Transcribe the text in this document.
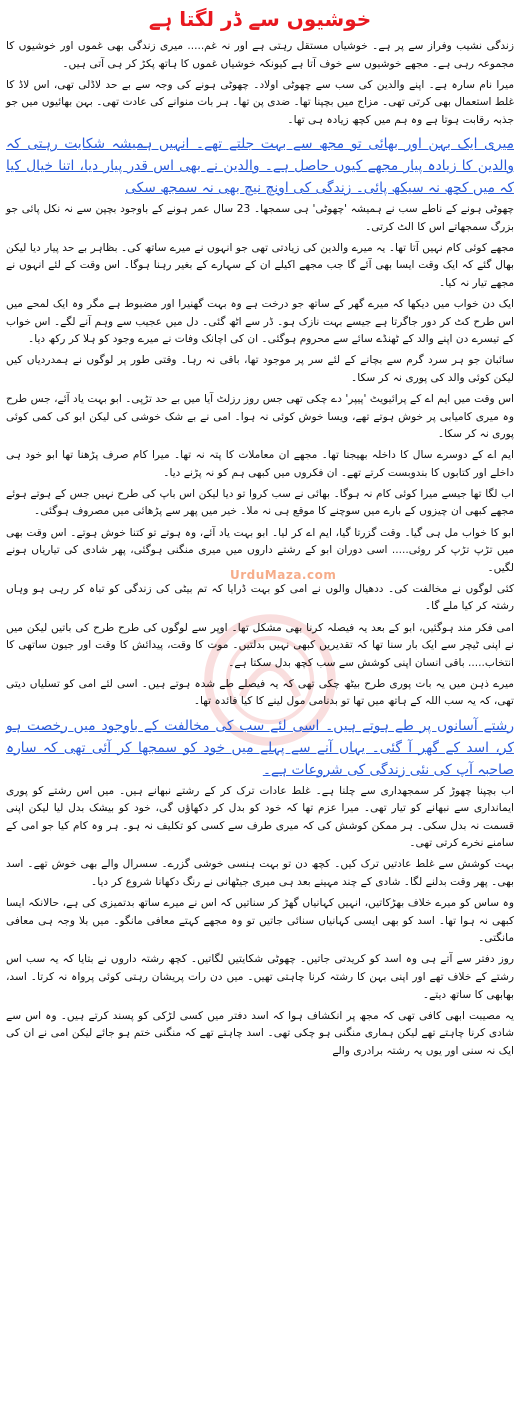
خوشیوں سے ڈر لگتا ہے
UrduMaza.com

زندگی نشیب وفراز سے پر ہے۔ خوشیاں مستقل رہتی ہے اور نہ غم..... میری زندگی بھی غموں اور خوشیوں کا مجموعہ رہی ہے۔ مجھے خوشیوں سے خوف آتا ہے کیونکہ خوشیاں غموں کا ہاتھ پکڑ کر ہی آتی ہیں۔

میرا نام سارہ ہے۔ اپنے والدین کی سب سے چھوٹی اولاد۔ چھوٹی ہونے کی وجہ سے بے حد لاڈلی تھی، اس لاڈ کا غلط استعمال بھی کرتی تھی۔ مزاج میں بچپنا تھا۔ ضدی پن تھا۔ ہر بات منوانے کی عادت تھی۔ بہن بھائیوں میں جو جذبہ رقابت ہوتا ہے وہ ہم میں کچھ زیادہ ہی تھا۔

میری ایک بہن اور بھائی تو مجھ سے بہت جلتے تھے۔ انہیں ہمیشہ شکایت رہتی کہ والدین کا زیادہ پیار مجھے کیوں حاصل ہے۔ والدین نے بھی اس قدر پیار دیا، اتنا خیال کیا کہ میں کچھ نہ سیکھ پائی۔ زندگی کی اونچ نیچ بھی نہ سمجھ سکی

چھوٹی ہونے کے ناطے سب نے ہمیشہ 'چھوٹی' ہی سمجھا۔ 23 سال عمر ہونے کے باوجود بچپن سے نہ نکل پائی جو بزرگ سمجھاتے اس کا الٹ کرتی۔

مجھے کوئی کام نہیں آتا تھا۔ یہ میرے والدین کی زیادتی تھی جو انہوں نے میرے ساتھ کی۔ بظاہر بے حد پیار دیا لیکن بھال گئے کہ ایک وقت ایسا بھی آئے گا جب مجھے اکیلے ان کے سہارے کے بغیر رہنا ہوگا۔ اس وقت کے لئے انہوں نے مجھے تیار نہ کیا۔

ایک دن خواب میں دیکھا کہ میرے گھر کے ساتھ جو درخت ہے وہ بہت گھنیرا اور مضبوط ہے مگر وہ ایک لمحے میں اس طرح کٹ کر دور جاگرتا ہے جیسے بہت نازک ہو۔ ڈر سے اٹھ گئی۔ دل میں عجیب سے وہم آنے لگے۔ اس خواب کے تیسرے دن اپنے والد کے ٹھنڈے سائے سے محروم ہوگئی۔ ان کی اچانک وفات نے میرے وجود کو ہلا کر رکھ دیا۔

سائبان جو ہر سرد گرم سے بچانے کے لئے سر پر موجود تھا، باقی نہ رہا۔ وقتی طور پر لوگوں نے ہمدردیاں کیں لیکن کوئی والد کی پوری نہ کر سکا۔

اس وقت میں ایم اے کے پرائیویٹ 'پیپر' دے چکی تھی جس روز رزلٹ آیا میں بے حد تڑپی۔ ابو بہت یاد آئے، جس طرح وہ میری کامیابی پر خوش ہوتے تھے، ویسا خوش کوئی نہ ہوا۔ امی نے بے شک خوشی کی لیکن ابو کی کمی کوئی پوری نہ کر سکا۔

ایم اے کے دوسرے سال کا داخلہ بھیجنا تھا۔ مجھے ان معاملات کا پتہ نہ تھا۔ میرا کام صرف پڑھنا تھا ابو خود ہی داخلے اور کتابوں کا بندوبست کرتے تھے۔ ان فکروں میں کبھی ہم کو نہ پڑنے دیا۔

اب لگا تھا جیسے میرا کوئی کام نہ ہوگا۔ بھائی نے سب کروا تو دیا لیکن اس باپ کی طرح نہیں جس کے ہوتے ہوئے مجھے کبھی ان چیزوں کے بارے میں سوچنے کا موقع ہی نہ ملا۔ خیر میں پھر سے پڑھائی میں مصروف ہوگئی۔

ابو کا خواب مل ہی گیا۔ وقت گزرتا گیا، ایم اے کر لیا۔ ابو بہت یاد آئے، وہ ہوتے تو کتنا خوش ہوتے۔ اس وقت بھی میں تڑپ تڑپ کر روئی..... اسی دوران ابو کے رشتے داروں میں میری منگنی ہوگئی، پھر شادی کی تیاریاں ہونے لگیں۔

کئی لوگوں نے مخالفت کی۔ ددھیال والوں نے امی کو بہت ڈرایا کہ تم بیٹی کی زندگی کو تباہ کر رہی ہو وہاں رشتہ کر کیا ملے گا۔

امی فکر مند ہوگئیں، ابو کے بعد یہ فیصلہ کرنا بھی مشکل تھا۔ اوپر سے لوگوں کی طرح طرح کی باتیں لیکن میں نے اپنی ٹیچر سے ایک بار سنا تھا کہ تقدیریں کبھی نہیں بدلتیں۔ موت کا وقت، پیدائش کا وقت اور جیون ساتھی کا انتخاب..... باقی انسان اپنی کوشش سے سب کچھ بدل سکتا ہے۔

میرے ذہن میں یہ بات پوری طرح بیٹھ چکی تھی کہ یہ فیصلے طے شدہ ہوتے ہیں۔ اسی لئے امی کو تسلیاں دیتی تھی، کہ یہ سب اللہ کے ہاتھ میں تھا تو بدنامی مول لینے کا کیا فائدہ تھا۔

رشتے آسانوں پر طے ہوتے ہیں۔ اسی لئے سب کی مخالفت کے باوجود میں رخصت ہو کر، اسد کے گھر آ گئی۔ یہاں آنے سے پہلے میں خود کو سمجھا کر آئی تھی کہ سارہ صاحبہ آپ کی نئی زندگی کی شروعات ہے۔

اب بچپنا چھوڑ کر سمجھداری سے چلنا ہے۔ غلط عادات ترک کر کے رشتے نبھانے ہیں۔ میں اس رشتے کو پوری ایمانداری سے نبھانے کو تیار تھی۔ میرا عزم تھا کہ خود کو بدل کر دکھاؤں گی، خود کو بیشک بدل لیا لیکن اپنی قسمت نہ بدل سکی۔ ہر ممکن کوشش کی کہ میری طرف سے کسی کو تکلیف نہ ہو۔ ہر وہ کام کیا جو امی کے سامنے نخرے کرتی تھی۔

بہت کوشش سے غلط عادتیں ترک کیں۔ کچھ دن تو بہت ہنسی خوشی گزرے۔ سسرال والے بھی خوش تھے۔ اسد بھی۔ پھر وقت بدلنے لگا۔ شادی کے چند مہینے بعد ہی میری جیٹھانی نے رنگ دکھانا شروع کر دیا۔

وہ ساس کو میرے خلاف بھڑکاتیں، انہیں کہانیاں گھڑ کر سناتیں کہ اس نے میرے ساتھ بدتمیزی کی ہے، حالانکہ ایسا کبھی نہ ہوا تھا۔ اسد کو بھی ایسی کہانیاں سنائی جاتیں تو وہ مجھے کہتے معافی مانگو۔ میں بلا وجہ ہی معافی مانگتی۔

روز دفتر سے آتے ہی وہ اسد کو کریدتی جاتیں۔ چھوٹی شکایتیں لگاتیں۔ کچھ رشتہ داروں نے بتایا کہ یہ سب اس رشتے کے خلاف تھے اور اپنی بہن کا رشتہ کرنا چاہتی تھیں۔ میں دن رات پریشان رہتی کوئی پرواہ نہ کرتا۔ اسد، بھابھی کا ساتھ دیتے۔

یہ مصیبت ابھی کافی تھی کہ مجھ پر انکشاف ہوا کہ اسد دفتر میں کسی لڑکی کو پسند کرتے ہیں۔ وہ اس سے شادی کرنا چاہتے تھے لیکن ہماری منگنی ہو چکی تھی۔ اسد چاہتے تھے کہ منگنی ختم ہو جائے لیکن امی نے ان کی ایک نہ سنی اور یوں یہ رشتہ برادری والے
